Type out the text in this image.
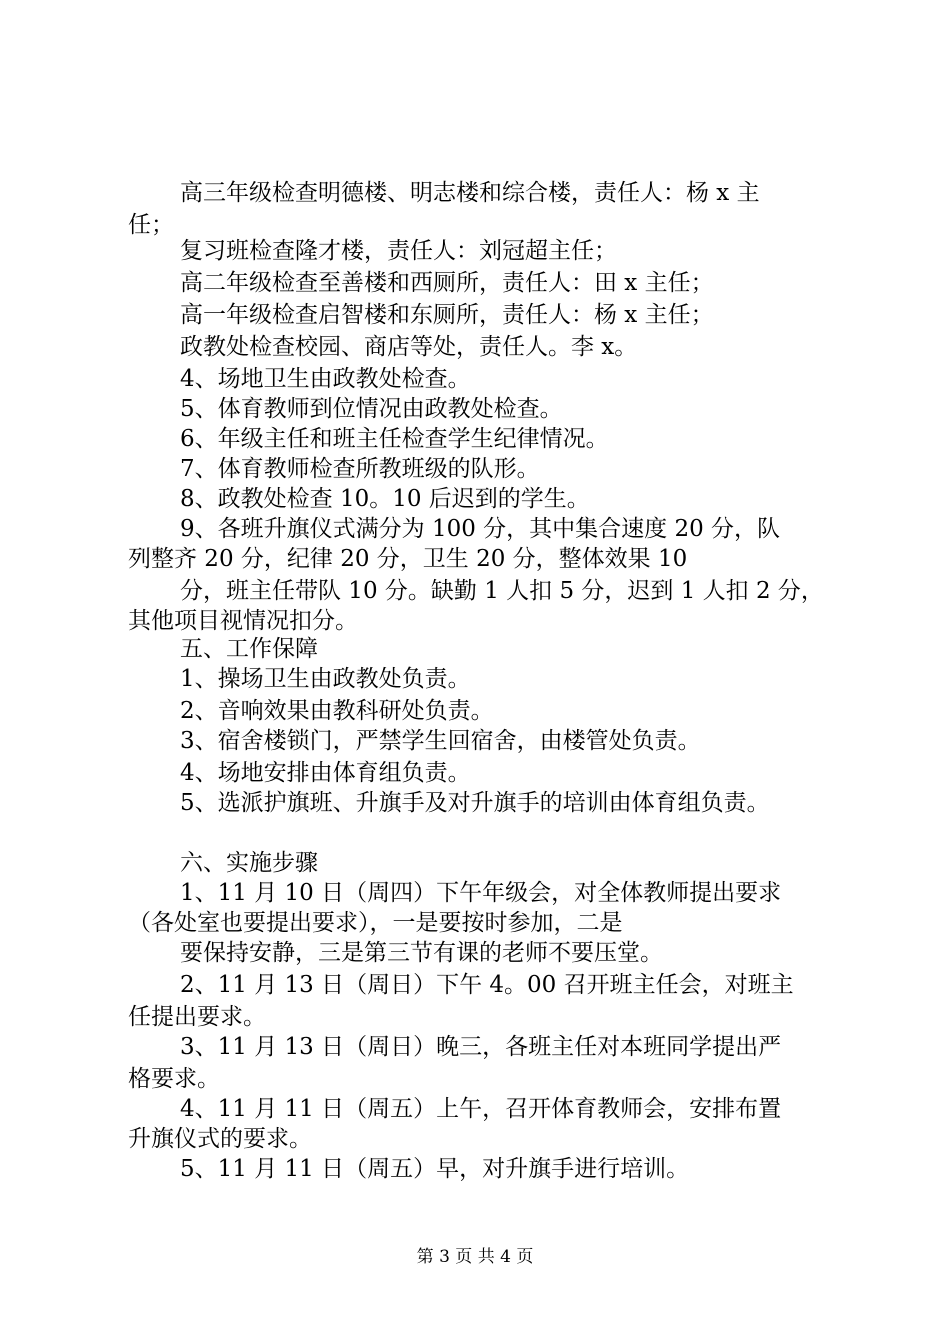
高三年级检查明德楼、明志楼和综合楼，责任人：杨 x 主
任；
复习班检查隆才楼，责任人：刘冠超主任；
高二年级检查至善楼和西厕所，责任人：田 x 主任；
高一年级检查启智楼和东厕所，责任人：杨 x 主任；
政教处检查校园、商店等处，责任人。李 x。
4、场地卫生由政教处检查。
5、体育教师到位情况由政教处检查。
6、年级主任和班主任检查学生纪律情况。
7、体育教师检查所教班级的队形。
8、政教处检查 10。10 后迟到的学生。
9、各班升旗仪式满分为 100 分，其中集合速度 20 分，队
列整齐 20 分，纪律 20 分，卫生 20 分，整体效果 10
分，班主任带队 10 分。缺勤 1 人扣 5 分，迟到 1 人扣 2 分，
其他项目视情况扣分。
五、工作保障
1、操场卫生由政教处负责。
2、音响效果由教科研处负责。
3、宿舍楼锁门，严禁学生回宿舍，由楼管处负责。
4、场地安排由体育组负责。
5、选派护旗班、升旗手及对升旗手的培训由体育组负责。
六、实施步骤
1、11 月 10 日（周四）下午年级会，对全体教师提出要求
（各处室也要提出要求），一是要按时参加，二是
要保持安静，三是第三节有课的老师不要压堂。
2、11 月 13 日（周日）下午 4。00 召开班主任会，对班主
任提出要求。
3、11 月 13 日（周日）晚三，各班主任对本班同学提出严
格要求。
4、11 月 11 日（周五）上午，召开体育教师会，安排布置
升旗仪式的要求。
5、11 月 11 日（周五）早，对升旗手进行培训。
第 3 页 共 4 页
